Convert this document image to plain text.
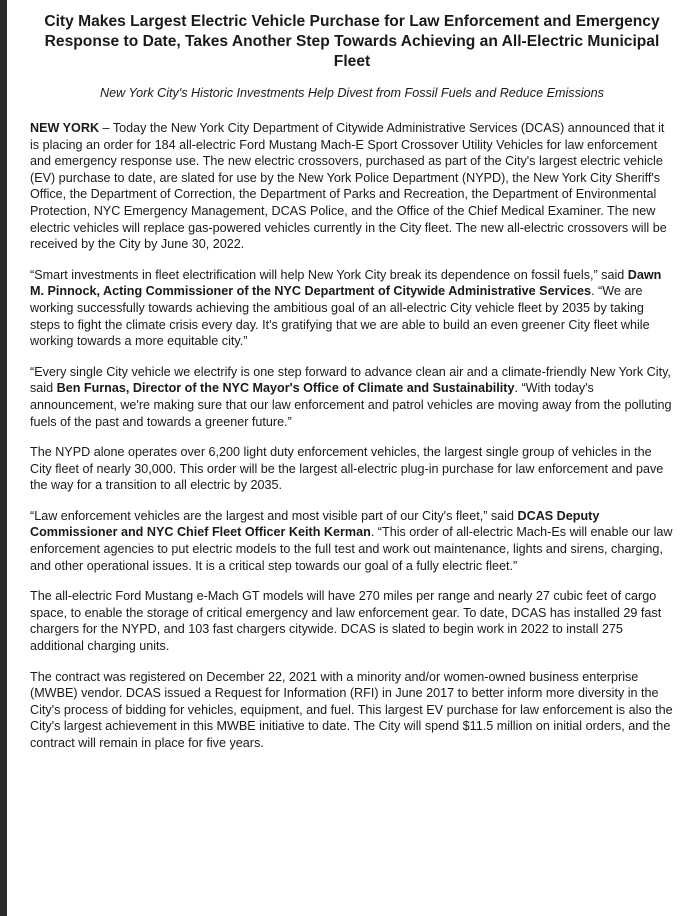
City Makes Largest Electric Vehicle Purchase for Law Enforcement and Emergency Response to Date, Takes Another Step Towards Achieving an All-Electric Municipal Fleet
New York City's Historic Investments Help Divest from Fossil Fuels and Reduce Emissions

NEW YORK – Today the New York City Department of Citywide Administrative Services (DCAS) announced that it is placing an order for 184 all-electric Ford Mustang Mach-E Sport Crossover Utility Vehicles for law enforcement and emergency response use. The new electric crossovers, purchased as part of the City's largest electric vehicle (EV) purchase to date, are slated for use by the New York Police Department (NYPD), the New York City Sheriff's Office, the Department of Correction, the Department of Parks and Recreation, the Department of Environmental Protection, NYC Emergency Management, DCAS Police, and the Office of the Chief Medical Examiner. The new electric vehicles will replace gas-powered vehicles currently in the City fleet. The new all-electric crossovers will be received by the City by June 30, 2022.

“Smart investments in fleet electrification will help New York City break its dependence on fossil fuels,” said Dawn M. Pinnock, Acting Commissioner of the NYC Department of Citywide Administrative Services. “We are working successfully towards achieving the ambitious goal of an all-electric City vehicle fleet by 2035 by taking steps to fight the climate crisis every day. It's gratifying that we are able to build an even greener City fleet while working towards a more equitable city.”

“Every single City vehicle we electrify is one step forward to advance clean air and a climate-friendly New York City, said Ben Furnas, Director of the NYC Mayor's Office of Climate and Sustainability. “With today's announcement, we're making sure that our law enforcement and patrol vehicles are moving away from the polluting fuels of the past and towards a greener future.”

The NYPD alone operates over 6,200 light duty enforcement vehicles, the largest single group of vehicles in the City fleet of nearly 30,000. This order will be the largest all-electric plug-in purchase for law enforcement and pave the way for a transition to all electric by 2035.

“Law enforcement vehicles are the largest and most visible part of our City's fleet,” said DCAS Deputy Commissioner and NYC Chief Fleet Officer Keith Kerman. “This order of all-electric Mach-Es will enable our law enforcement agencies to put electric models to the full test and work out maintenance, lights and sirens, charging, and other operational issues. It is a critical step towards our goal of a fully electric fleet.”

The all-electric Ford Mustang e-Mach GT models will have 270 miles per range and nearly 27 cubic feet of cargo space, to enable the storage of critical emergency and law enforcement gear. To date, DCAS has installed 29 fast chargers for the NYPD, and 103 fast chargers citywide. DCAS is slated to begin work in 2022 to install 275 additional charging units.

The contract was registered on December 22, 2021 with a minority and/or women-owned business enterprise (MWBE) vendor. DCAS issued a Request for Information (RFI) in June 2017 to better inform more diversity in the City's process of bidding for vehicles, equipment, and fuel. This largest EV purchase for law enforcement is also the City's largest achievement in this MWBE initiative to date. The City will spend $11.5 million on initial orders, and the contract will remain in place for five years.
